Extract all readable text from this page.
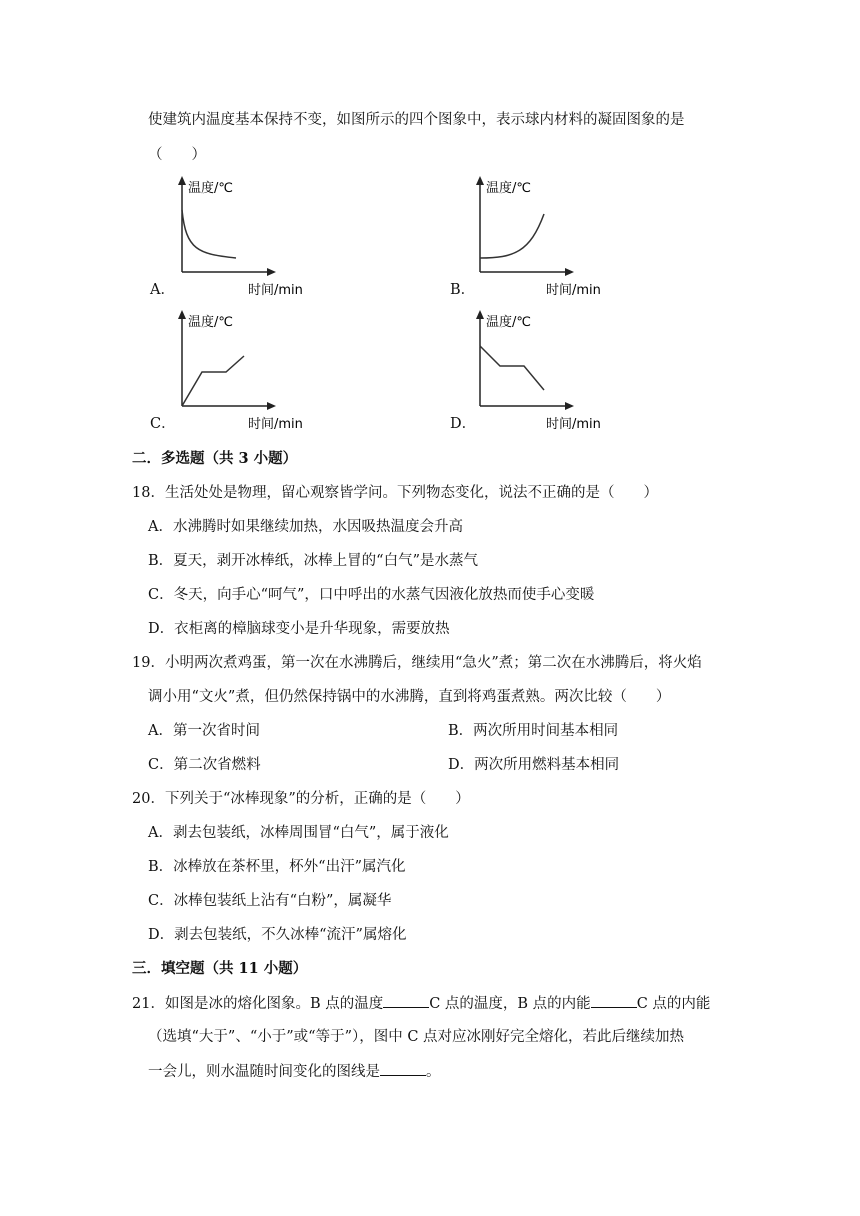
使建筑内温度基本保持不变，如图所示的四个图象中，表示球内材料的凝固图象的是
（　　）
A．
温度/℃
时间/min	B．
温度/℃
时间/min
C．
温度/℃
时间/min	D．
温度/℃
时间/min
二．多选题（共 3 小题）
18．生活处处是物理，留心观察皆学问。下列物态变化，说法不正确的是（　　）
A．水沸腾时如果继续加热，水因吸热温度会升高
B．夏天，剥开冰棒纸，冰棒上冒的“白气”是水蒸气
C．冬天，向手心“呵气”，口中呼出的水蒸气因液化放热而使手心变暖
D．衣柜离的樟脑球变小是升华现象，需要放热
19．小明两次煮鸡蛋，第一次在水沸腾后，继续用“急火”煮；第二次在水沸腾后，将火焰
调小用“文火”煮，但仍然保持锅中的水沸腾，直到将鸡蛋煮熟。两次比较（　　）
A．第一次省时间	B．两次所用时间基本相同
C．第二次省燃料	D．两次所用燃料基本相同
20．下列关于“冰棒现象”的分析，正确的是（　　）
A．剥去包装纸，冰棒周围冒“白气”，属于液化
B．冰棒放在茶杯里，杯外“出汗”属汽化
C．冰棒包装纸上沾有“白粉”，属凝华
D．剥去包装纸，不久冰棒“流汗”属熔化
三．填空题（共 11 小题）
21．如图是冰的熔化图象。B 点的温度	C 点的温度，B 点的内能	C 点的内能
（选填“大于”、“小于”或“等于”），图中 C 点对应冰刚好完全熔化，若此后继续加热
一会儿，则水温随时间变化的图线是	。
